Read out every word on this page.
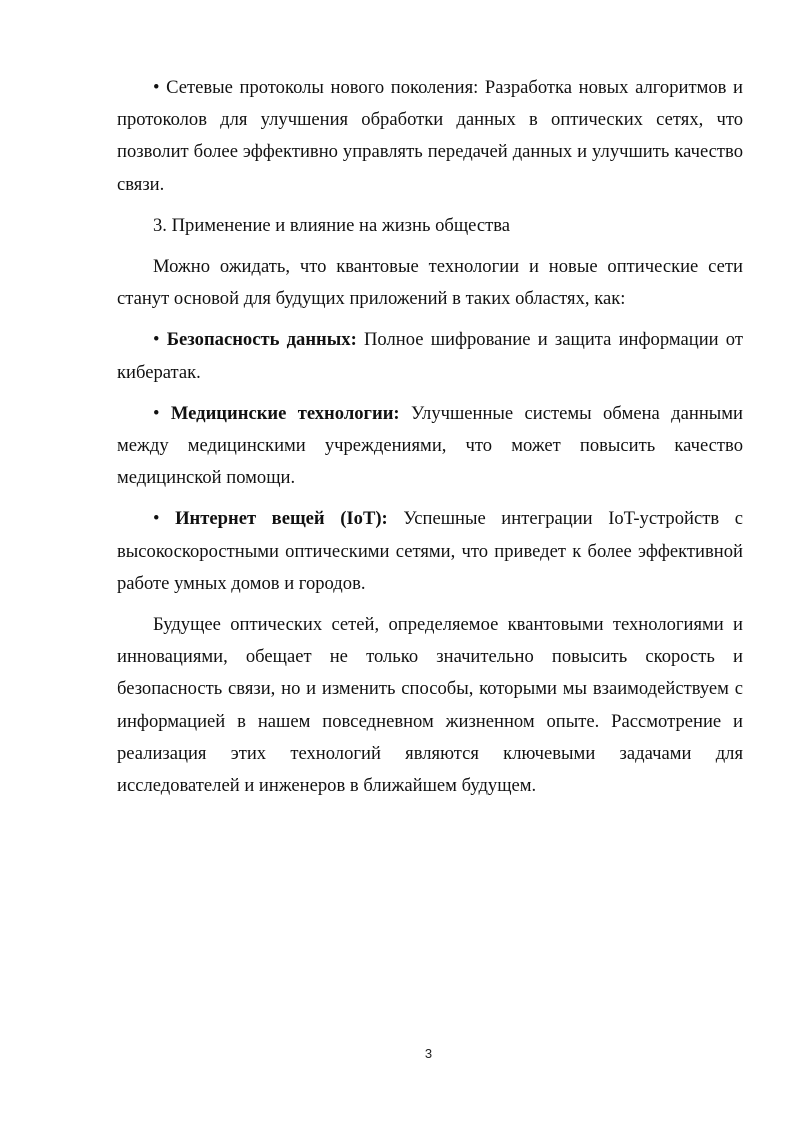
• Сетевые протоколы нового поколения: Разработка новых алгоритмов и протоколов для улучшения обработки данных в оптических сетях, что позволит более эффективно управлять передачей данных и улучшить качество связи.

3. Применение и влияние на жизнь общества

Можно ожидать, что квантовые технологии и новые оптические сети станут основой для будущих приложений в таких областях, как:

• Безопасность данных: Полное шифрование и защита информации от кибератак.

• Медицинские технологии: Улучшенные системы обмена данными между медицинскими учреждениями, что может повысить качество медицинской помощи.

• Интернет вещей (IoT): Успешные интеграции IoT-устройств с высокоскоростными оптическими сетями, что приведет к более эффективной работе умных домов и городов.

Будущее оптических сетей, определяемое квантовыми технологиями и инновациями, обещает не только значительно повысить скорость и безопасность связи, но и изменить способы, которыми мы взаимодействуем с информацией в нашем повседневном жизненном опыте. Рассмотрение и реализация этих технологий являются ключевыми задачами для исследователей и инженеров в ближайшем будущем.

3
